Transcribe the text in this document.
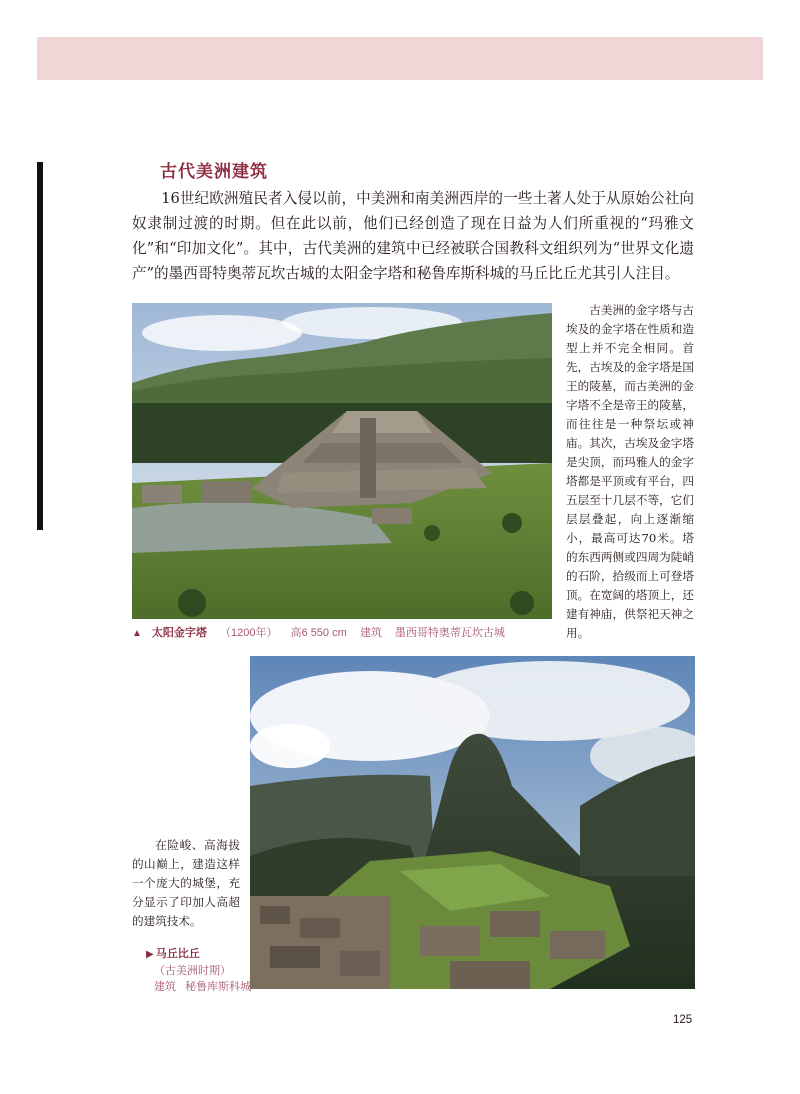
古代美洲建筑
16世纪欧洲殖民者入侵以前，中美洲和南美洲西岸的一些土著人处于从原始公社向奴隶制过渡的时期。但在此以前，他们已经创造了现在日益为人们所重视的“玛雅文化”和“印加文化”。其中，古代美洲的建筑中已经被联合国教科文组织列为“世界文化遗产”的墨西哥特奥蒂瓦坎古城的太阳金字塔和秘鲁库斯科城的马丘比丘尤其引人注目。
古美洲的金字塔与古埃及的金字塔在性质和造型上并不完全相同。首先，古埃及的金字塔是国王的陵墓，而古美洲的金字塔不全是帝王的陵墓，而往往是一种祭坛或神庙。其次，古埃及金字塔是尖顶，而玛雅人的金字塔都是平顶或有平台，四五层至十几层不等，它们层层叠起，向上逐渐缩小，最高可达70米。塔的东西两侧或四周为陡峭的石阶，拾级而上可登塔顶。在宽阔的塔顶上，还建有神庙，供祭祀天神之用。
▲ 太阳金字塔 （1200年） 高6 550 cm 建筑 墨西哥特奥蒂瓦坎古城
在险峻、高海拔的山巅上，建造这样一个庞大的城堡，充分显示了印加人高超的建筑技术。
▶ 马丘比丘
（古美洲时期）
建筑 秘鲁库斯科城
125
